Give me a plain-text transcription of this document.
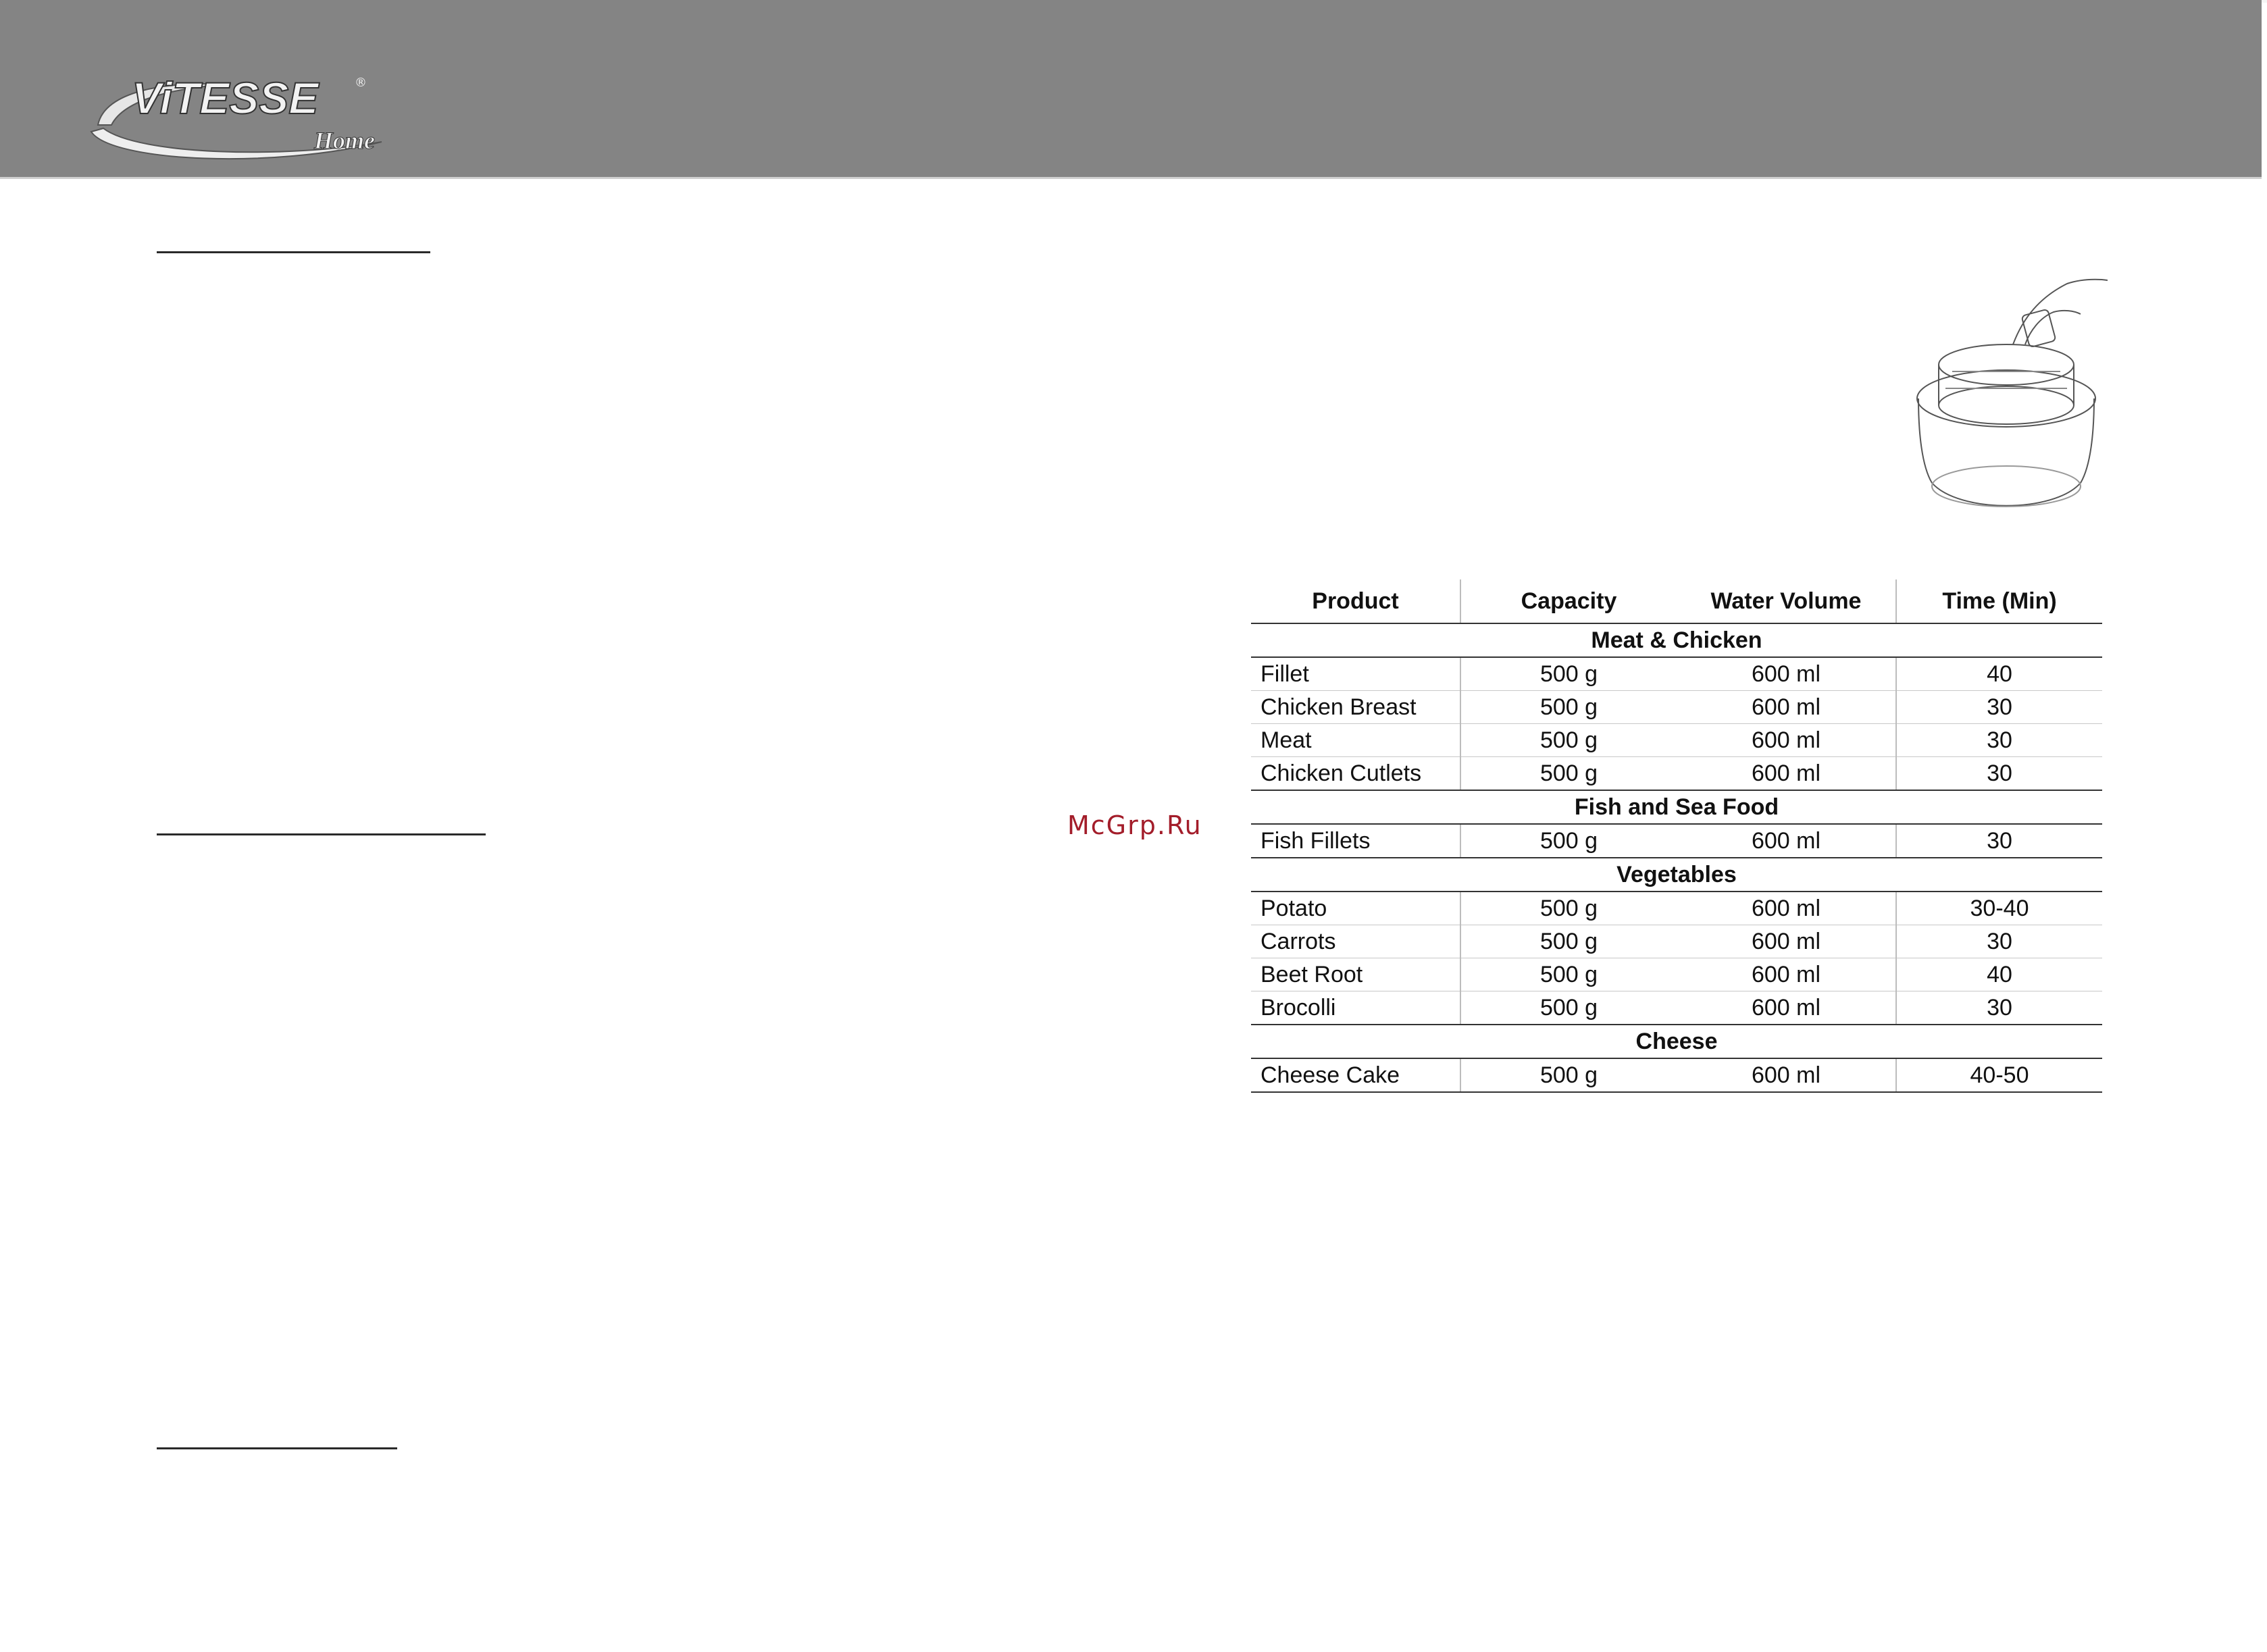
ViTESSE	®
Home
McGrp.Ru
Product	Capacity	Water Volume	Time (Min)
Meat & Chicken			
Fillet	500 g	600 ml	40
Chicken Breast	500 g	600 ml	30
Meat	500 g	600 ml	30
Chicken Cutlets	500 g	600 ml	30
Fish and Sea Food			
Fish Fillets	500 g	600 ml	30
Vegetables			
Potato	500 g	600 ml	30-40
Carrots	500 g	600 ml	30
Beet Root	500 g	600 ml	40
Brocolli	500 g	600 ml	30
Cheese			
Cheese Cake	500 g	600 ml	40-50
